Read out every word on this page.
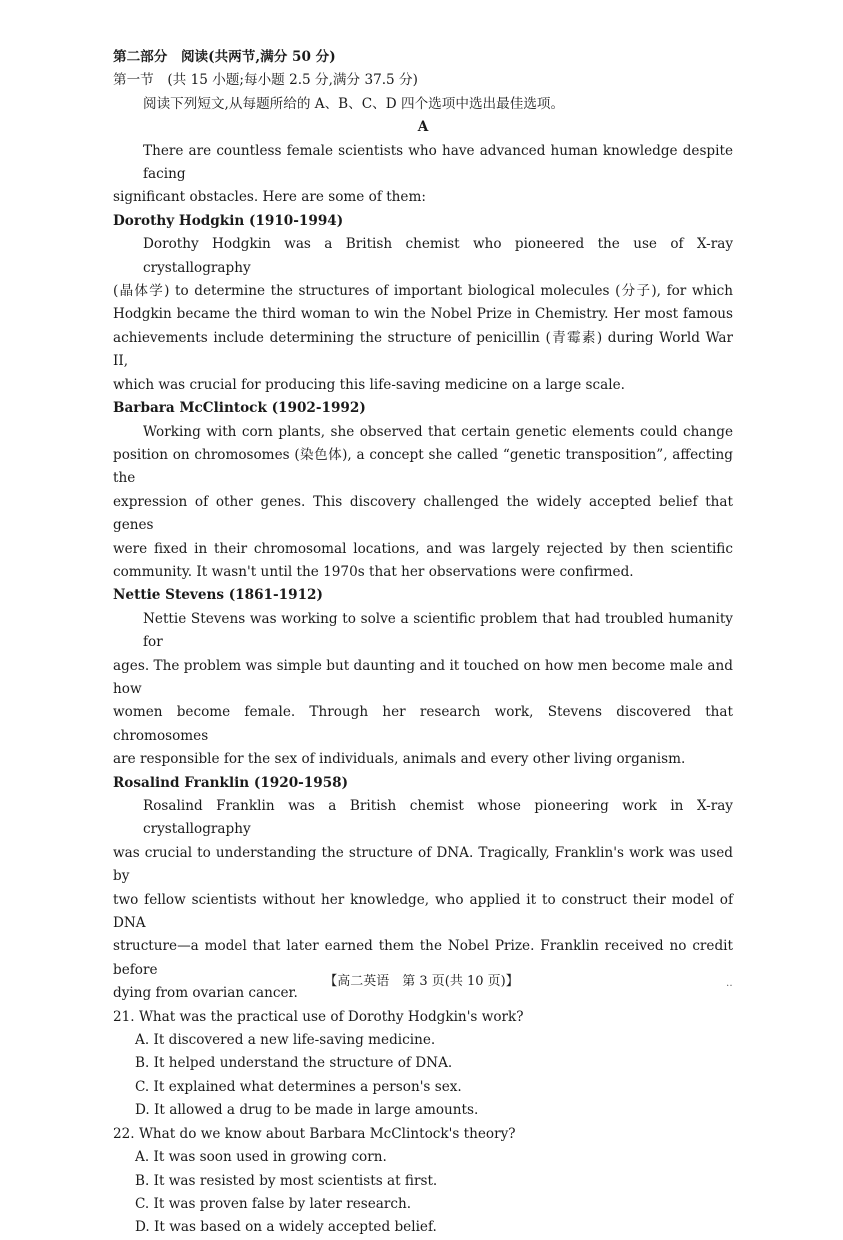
第二部分　阅读(共两节,满分 50 分)
第一节　(共 15 小题;每小题 2.5 分,满分 37.5 分)
阅读下列短文,从每题所给的 A、B、C、D 四个选项中选出最佳选项。
A
There are countless female scientists who have advanced human knowledge despite facing
significant obstacles. Here are some of them:
Dorothy Hodgkin (1910-1994)
Dorothy Hodgkin was a British chemist who pioneered the use of X-ray crystallography
(晶体学) to determine the structures of important biological molecules (分子), for which
Hodgkin became the third woman to win the Nobel Prize in Chemistry. Her most famous
achievements include determining the structure of penicillin (青霉素) during World War II,
which was crucial for producing this life-saving medicine on a large scale.
Barbara McClintock (1902-1992)
Working with corn plants, she observed that certain genetic elements could change
position on chromosomes (染色体), a concept she called “genetic transposition”, affecting the
expression of other genes. This discovery challenged the widely accepted belief that genes
were fixed in their chromosomal locations, and was largely rejected by then scientific
community. It wasn't until the 1970s that her observations were confirmed.
Nettie Stevens (1861-1912)
Nettie Stevens was working to solve a scientific problem that had troubled humanity for
ages. The problem was simple but daunting and it touched on how men become male and how
women become female. Through her research work, Stevens discovered that chromosomes
are responsible for the sex of individuals, animals and every other living organism.
Rosalind Franklin (1920-1958)
Rosalind Franklin was a British chemist whose pioneering work in X-ray crystallography
was crucial to understanding the structure of DNA. Tragically, Franklin's work was used by
two fellow scientists without her knowledge, who applied it to construct their model of DNA
structure—a model that later earned them the Nobel Prize. Franklin received no credit before
dying from ovarian cancer.
21. What was the practical use of Dorothy Hodgkin's work?
A. It discovered a new life-saving medicine.
B. It helped understand the structure of DNA.
C. It explained what determines a person's sex.
D. It allowed a drug to be made in large amounts.
22. What do we know about Barbara McClintock's theory?
A. It was soon used in growing corn.
B. It was resisted by most scientists at first.
C. It was proven false by later research.
D. It was based on a widely accepted belief.
【高二英语　第 3 页(共 10 页)】	‥
